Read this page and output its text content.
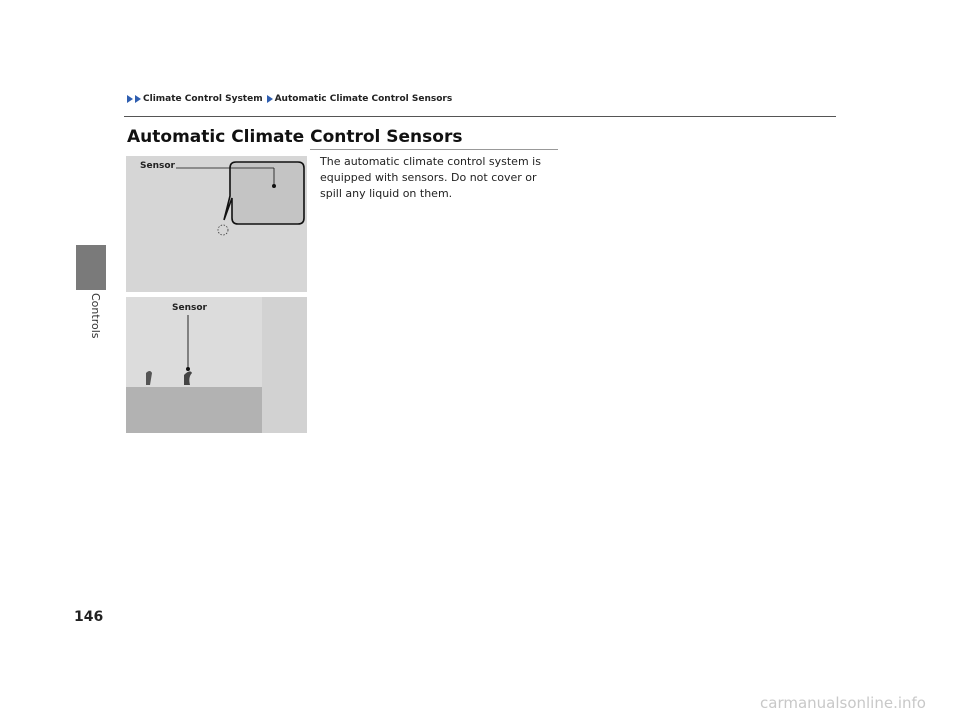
Controls
Climate Control System Automatic Climate Control Sensors
Automatic Climate Control Sensors
The automatic climate control system is equipped with sensors. Do not cover or spill any liquid on them.
Sensor
Sensor
146
carmanualsonline.info
